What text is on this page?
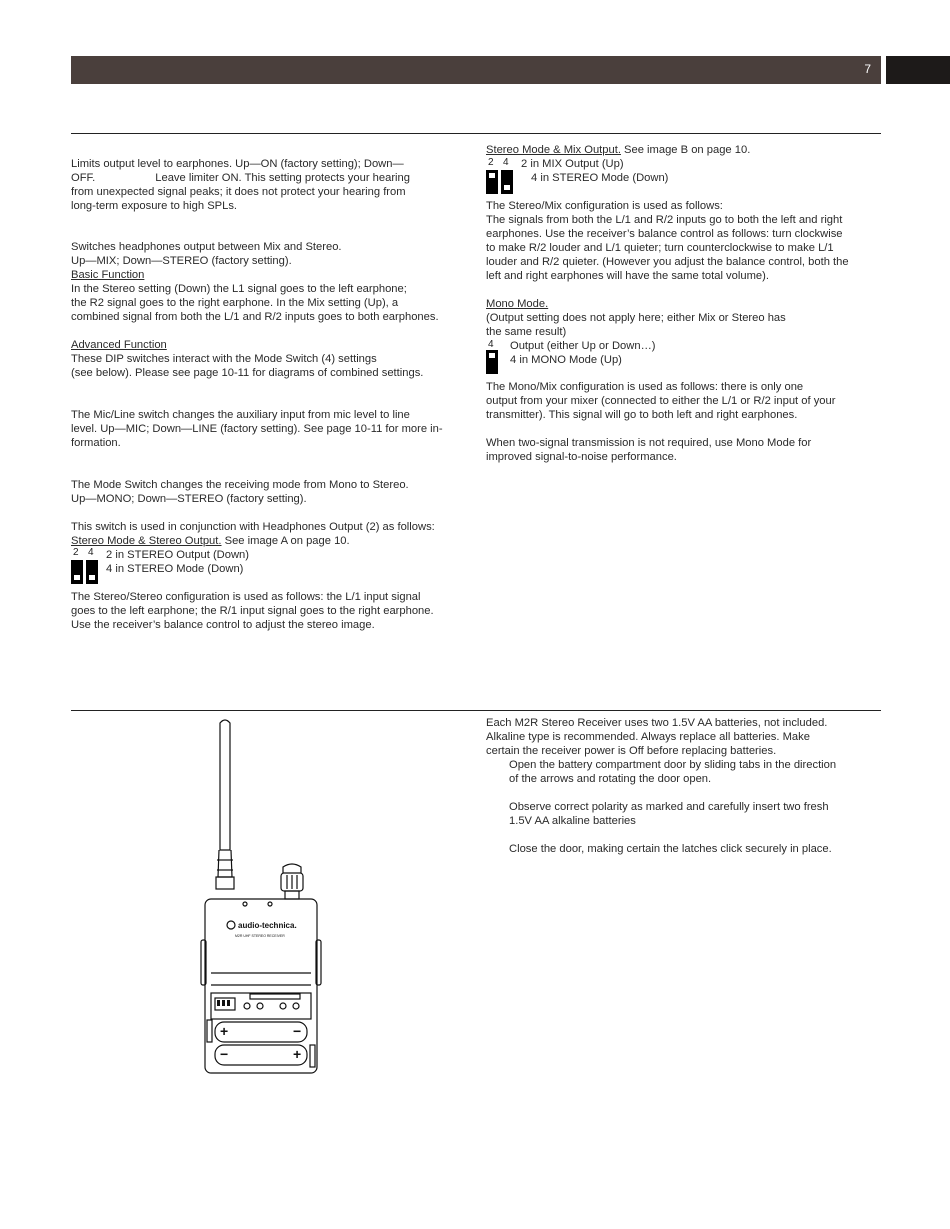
7

Limits output level to earphones. Up—ON (factory setting); Down—

OFF.	Leave limiter ON. This setting protects your hearing

from unexpected signal peaks; it does not protect your hearing from

long-term exposure to high SPLs.

Switches headphones output between Mix and Stereo.

Up—MIX; Down—STEREO (factory setting).

Basic Function

In the Stereo setting (Down) the L1 signal goes to the left earphone;

the R2 signal goes to the right earphone. In the Mix setting (Up), a

combined signal from both the L/1 and R/2 inputs goes to both earphones.

Advanced Function

These DIP switches interact with the Mode Switch (4) settings

(see below). Please see page 10-11 for diagrams of combined settings.

The Mic/Line switch changes the auxiliary input from mic level to line

level. Up—MIC; Down—LINE (factory setting). See page 10-11 for more in-

formation.

The Mode Switch changes the receiving mode from Mono to Stereo.

Up—MONO; Down—STEREO (factory setting).

This switch is used in conjunction with Headphones Output (2) as follows:

Stereo Mode & Stereo Output. See image A on page 10.

2 4 2 in STEREO Output (Down)

4 in STEREO Mode (Down)

The Stereo/Stereo configuration is used as follows: the L/1 input signal

goes to the left earphone; the R/1 input signal goes to the right earphone.

Use the receiver’s balance control to adjust the stereo image.

Stereo Mode & Mix Output. See image B on page 10.

2 4 2 in MIX Output (Up)

4 in STEREO Mode (Down)

The Stereo/Mix configuration is used as follows:

The signals from both the L/1 and R/2 inputs go to both the left and right

earphones. Use the receiver’s balance control as follows: turn clockwise

to make R/2 louder and L/1 quieter; turn counterclockwise to make L/1

louder and R/2 quieter. (However you adjust the balance control, both the

left and right earphones will have the same total volume).

Mono Mode.

(Output setting does not apply here; either Mix or Stereo has

the same result)

4 Output (either Up or Down…)

4 in MONO Mode (Up)

The Mono/Mix configuration is used as follows: there is only one

output from your mixer (connected to either the L/1 or R/2 input of your

transmitter). This signal will go to both left and right earphones.

When two-signal transmission is not required, use Mono Mode for

improved signal-to-noise performance.

Each M2R Stereo Receiver uses two 1.5V AA batteries, not included.

Alkaline type is recommended. Always replace all batteries. Make

certain the receiver power is Off before replacing batteries.

Open the battery compartment door by sliding tabs in the direction

of the arrows and rotating the door open.

Observe correct polarity as marked and carefully insert two fresh

1.5V AA alkaline batteries

Close the door, making certain the latches click securely in place.

audio-technica.
M2R UHF STEREO RECEIVER
+	−
−	+
